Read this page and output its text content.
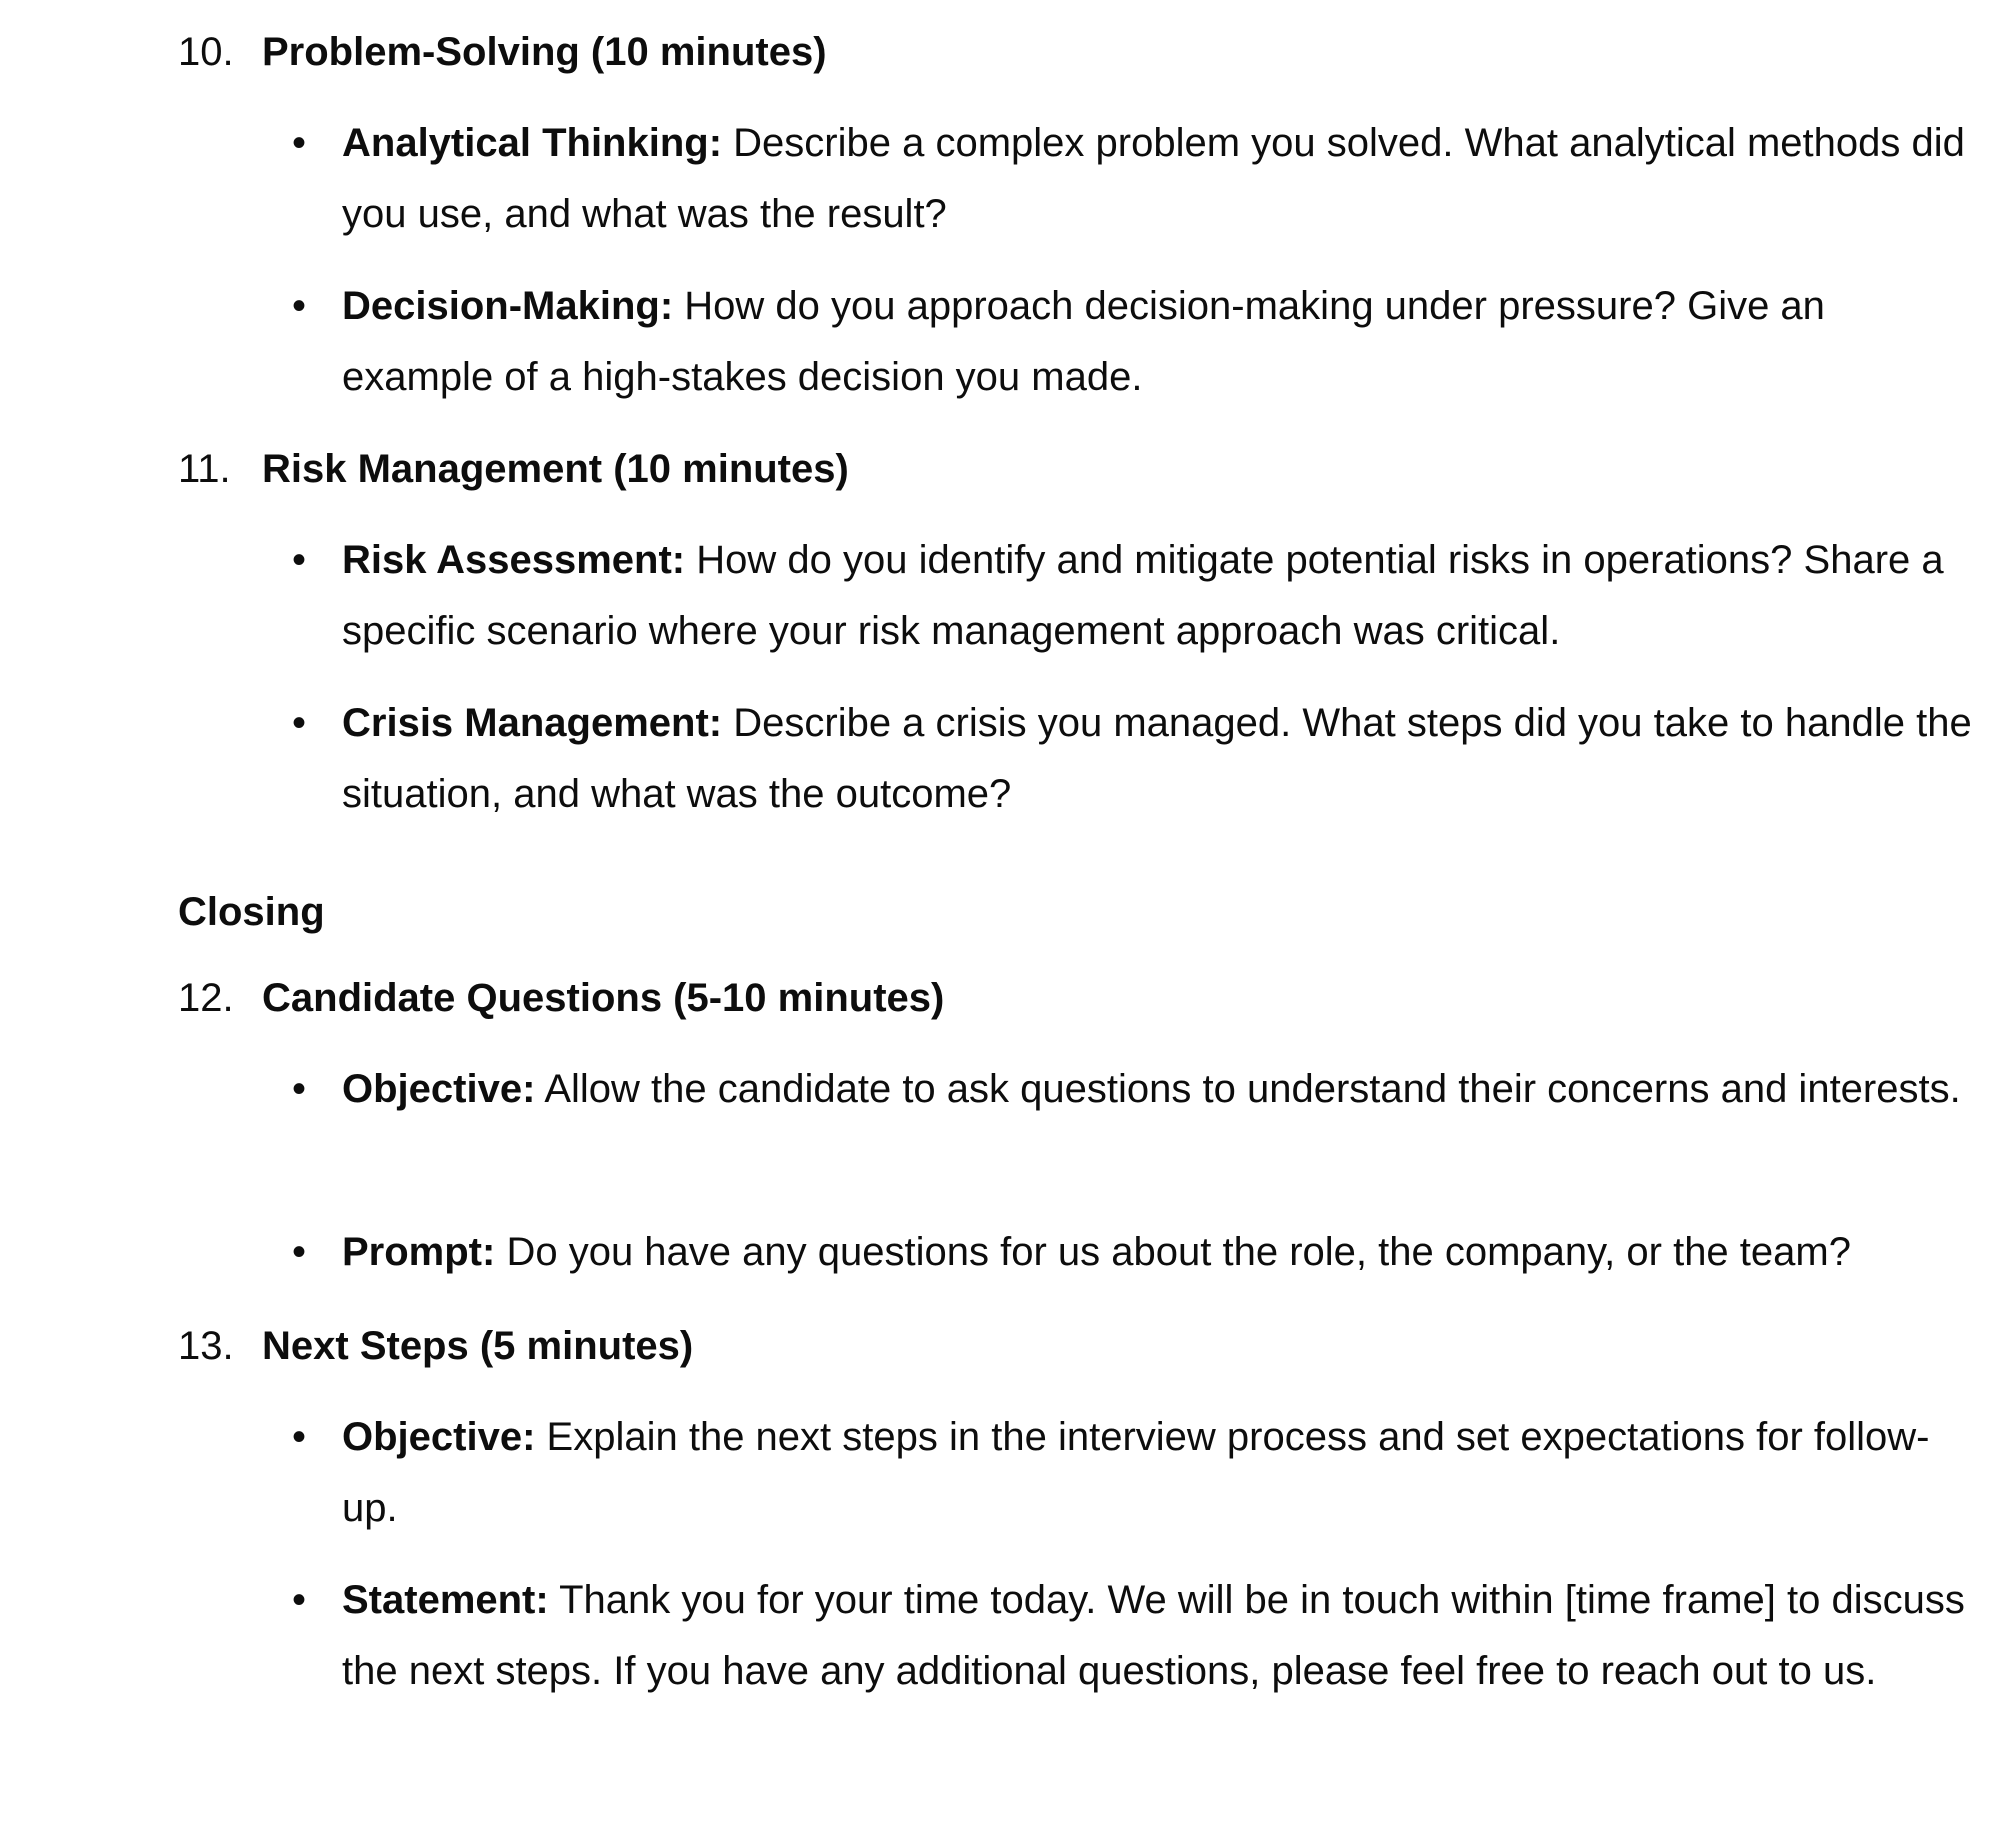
10. Problem-Solving (10 minutes)
• Analytical Thinking: Describe a complex problem you solved. What analytical methods did you use, and what was the result?
• Decision-Making: How do you approach decision-making under pressure? Give an example of a high-stakes decision you made.
11. Risk Management (10 minutes)
• Risk Assessment: How do you identify and mitigate potential risks in operations? Share a specific scenario where your risk management approach was critical.
• Crisis Management: Describe a crisis you managed. What steps did you take to handle the situation, and what was the outcome?
Closing
12. Candidate Questions (5-10 minutes)
• Objective: Allow the candidate to ask questions to understand their concerns and interests.
• Prompt: Do you have any questions for us about the role, the company, or the team?
13. Next Steps (5 minutes)
• Objective: Explain the next steps in the interview process and set expectations for follow-up.
• Statement: Thank you for your time today. We will be in touch within [time frame] to discuss the next steps. If you have any additional questions, please feel free to reach out to us.
